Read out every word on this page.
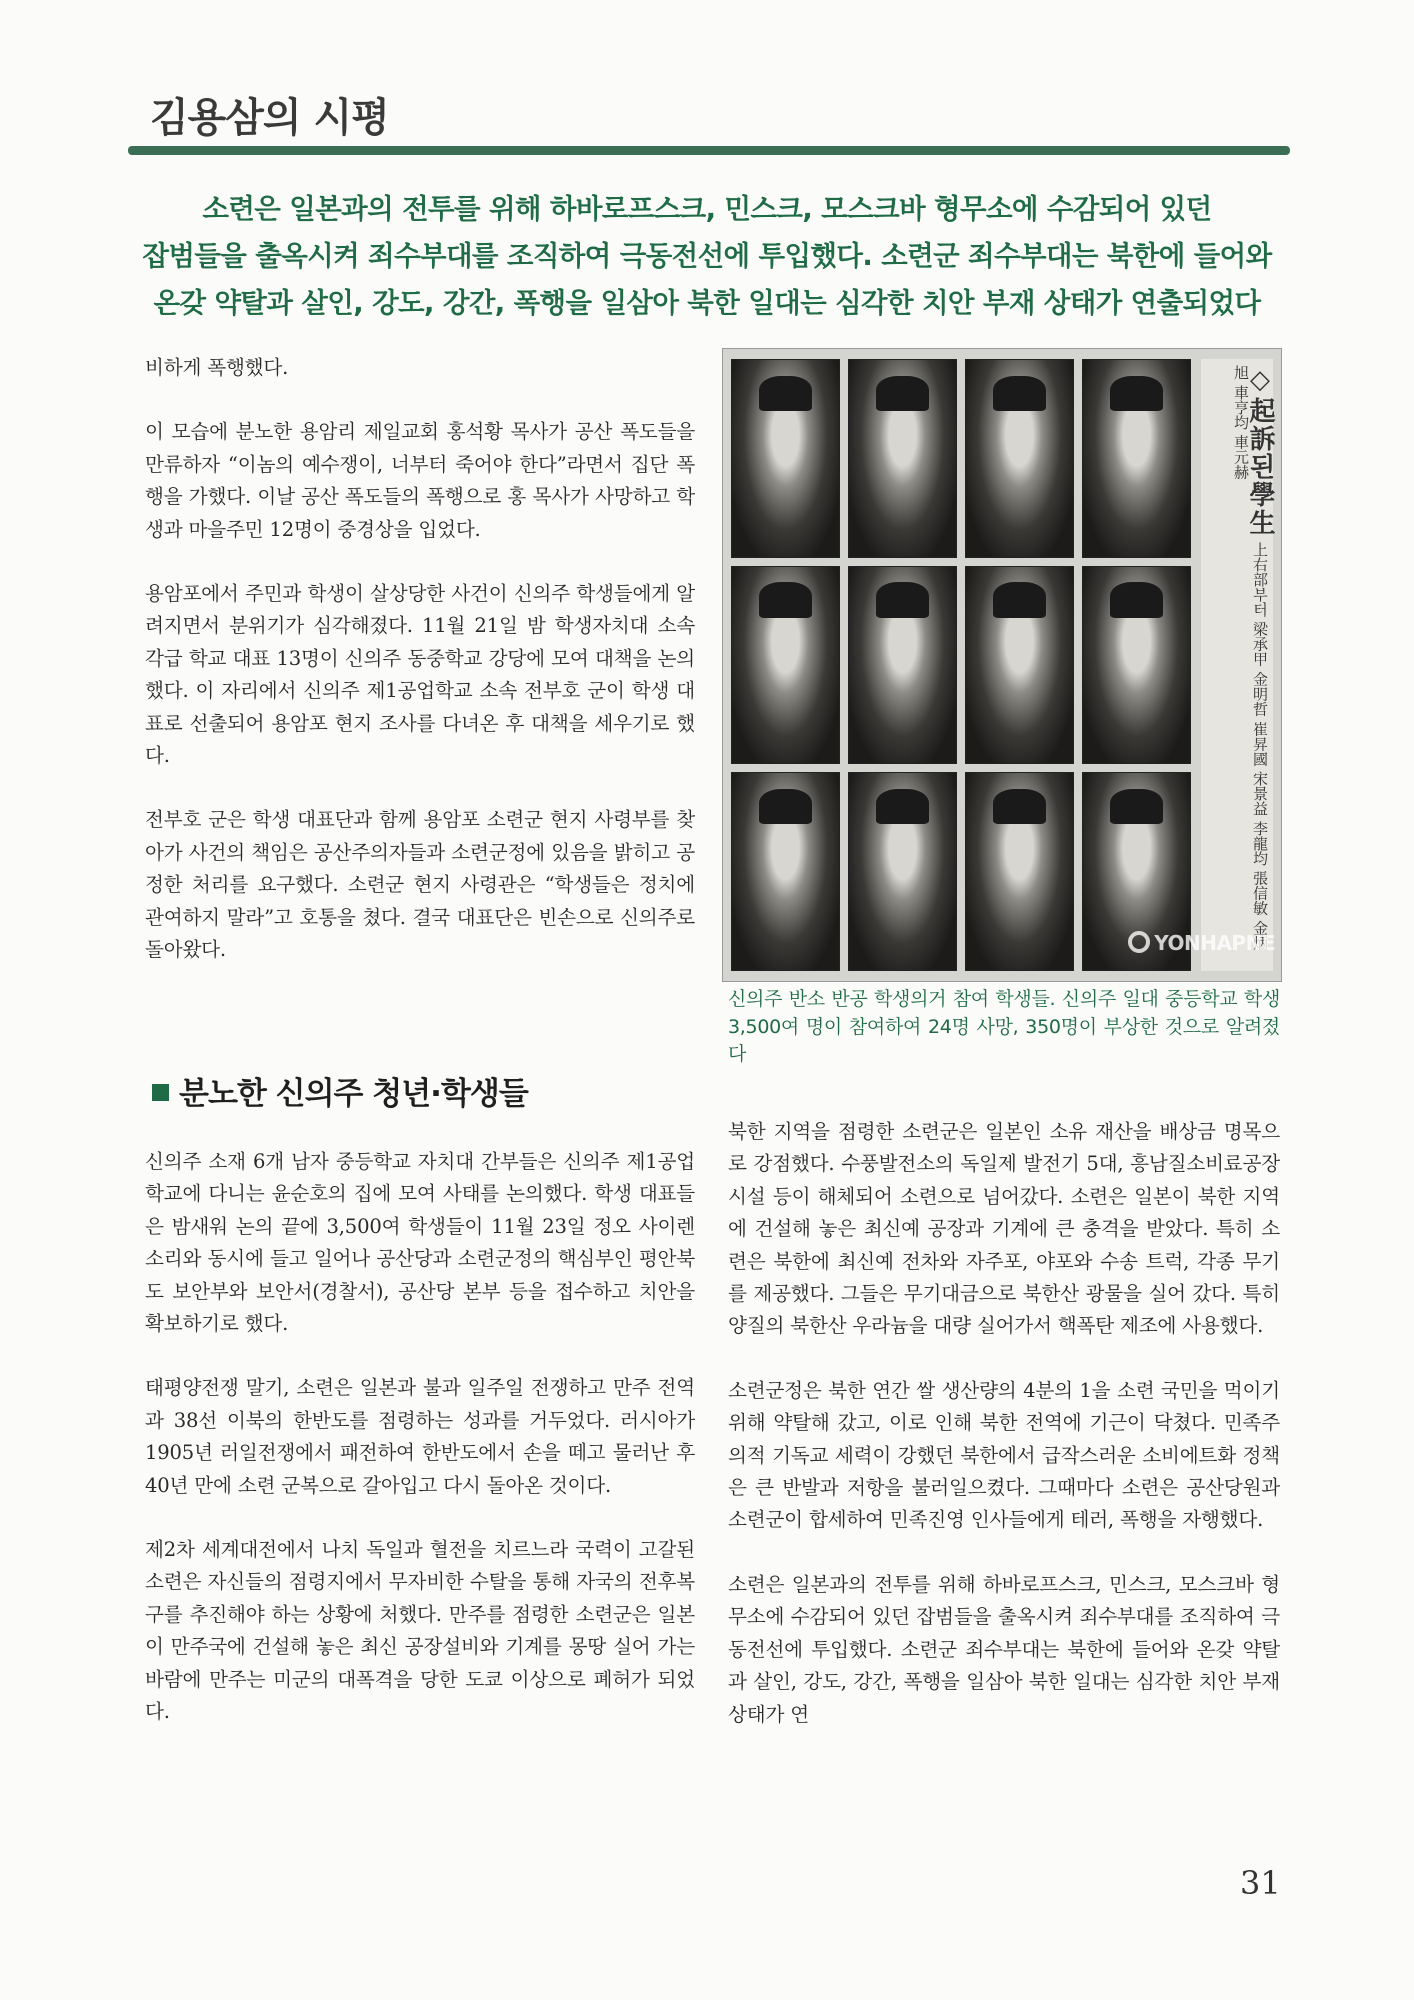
김용삼의 시평
소련은 일본과의 전투를 위해 하바로프스크, 민스크, 모스크바 형무소에 수감되어 있던
잡범들을 출옥시켜 죄수부대를 조직하여 극동전선에 투입했다. 소련군 죄수부대는 북한에 들어와
온갖 약탈과 살인, 강도, 강간, 폭행을 일삼아 북한 일대는 심각한 치안 부재 상태가 연출되었다

비하게 폭행했다.

이 모습에 분노한 용암리 제일교회 홍석황 목사가 공산 폭도들을 만류하자 “이놈의 예수쟁이, 너부터 죽어야 한다”라면서 집단 폭행을 가했다. 이날 공산 폭도들의 폭행으로 홍 목사가 사망하고 학생과 마을주민 12명이 중경상을 입었다.

용암포에서 주민과 학생이 살상당한 사건이 신의주 학생들에게 알려지면서 분위기가 심각해졌다. 11월 21일 밤 학생자치대 소속 각급 학교 대표 13명이 신의주 동중학교 강당에 모여 대책을 논의했다. 이 자리에서 신의주 제1공업학교 소속 전부호 군이 학생 대표로 선출되어 용암포 현지 조사를 다녀온 후 대책을 세우기로 했다.

전부호 군은 학생 대표단과 함께 용암포 소련군 현지 사령부를 찾아가 사건의 책임은 공산주의자들과 소련군정에 있음을 밝히고 공정한 처리를 요구했다. 소련군 현지 사령관은 “학생들은 정치에 관여하지 말라”고 호통을 쳤다. 결국 대표단은 빈손으로 신의주로 돌아왔다.

분노한 신의주 청년·학생들

신의주 소재 6개 남자 중등학교 자치대 간부들은 신의주 제1공업학교에 다니는 윤순호의 집에 모여 사태를 논의했다. 학생 대표들은 밤새워 논의 끝에 3,500여 학생들이 11월 23일 정오 사이렌 소리와 동시에 들고 일어나 공산당과 소련군정의 핵심부인 평안북도 보안부와 보안서(경찰서), 공산당 본부 등을 접수하고 치안을 확보하기로 했다.

태평양전쟁 말기, 소련은 일본과 불과 일주일 전쟁하고 만주 전역과 38선 이북의 한반도를 점령하는 성과를 거두었다. 러시아가 1905년 러일전쟁에서 패전하여 한반도에서 손을 떼고 물러난 후 40년 만에 소련 군복으로 갈아입고 다시 돌아온 것이다.

제2차 세계대전에서 나치 독일과 혈전을 치르느라 국력이 고갈된 소련은 자신들의 점령지에서 무자비한 수탈을 통해 자국의 전후복구를 추진해야 하는 상황에 처했다. 만주를 점령한 소련군은 일본이 만주국에 건설해 놓은 최신 공장설비와 기계를 몽땅 실어 가는 바람에 만주는 미군의 대폭격을 당한 도쿄 이상으로 폐허가 되었다.

◇起訴된學生 上右部부터 梁承甲 金明哲 崔昇國 宋景益 李龍均 張信敏 金炳旭 車亨均 車元赫
YONHAPNE
신의주 반소 반공 학생의거 참여 학생들. 신의주 일대 중등학교 학생 3,500여 명이 참여하여 24명 사망, 350명이 부상한 것으로 알려졌다

북한 지역을 점령한 소련군은 일본인 소유 재산을 배상금 명목으로 강점했다. 수풍발전소의 독일제 발전기 5대, 흥남질소비료공장 시설 등이 해체되어 소련으로 넘어갔다. 소련은 일본이 북한 지역에 건설해 놓은 최신예 공장과 기계에 큰 충격을 받았다. 특히 소련은 북한에 최신예 전차와 자주포, 야포와 수송 트럭, 각종 무기를 제공했다. 그들은 무기대금으로 북한산 광물을 실어 갔다. 특히 양질의 북한산 우라늄을 대량 실어가서 핵폭탄 제조에 사용했다.

소련군정은 북한 연간 쌀 생산량의 4분의 1을 소련 국민을 먹이기 위해 약탈해 갔고, 이로 인해 북한 전역에 기근이 닥쳤다. 민족주의적 기독교 세력이 강했던 북한에서 급작스러운 소비에트화 정책은 큰 반발과 저항을 불러일으켰다. 그때마다 소련은 공산당원과 소련군이 합세하여 민족진영 인사들에게 테러, 폭행을 자행했다.

소련은 일본과의 전투를 위해 하바로프스크, 민스크, 모스크바 형무소에 수감되어 있던 잡범들을 출옥시켜 죄수부대를 조직하여 극동전선에 투입했다. 소련군 죄수부대는 북한에 들어와 온갖 약탈과 살인, 강도, 강간, 폭행을 일삼아 북한 일대는 심각한 치안 부재 상태가 연

31
